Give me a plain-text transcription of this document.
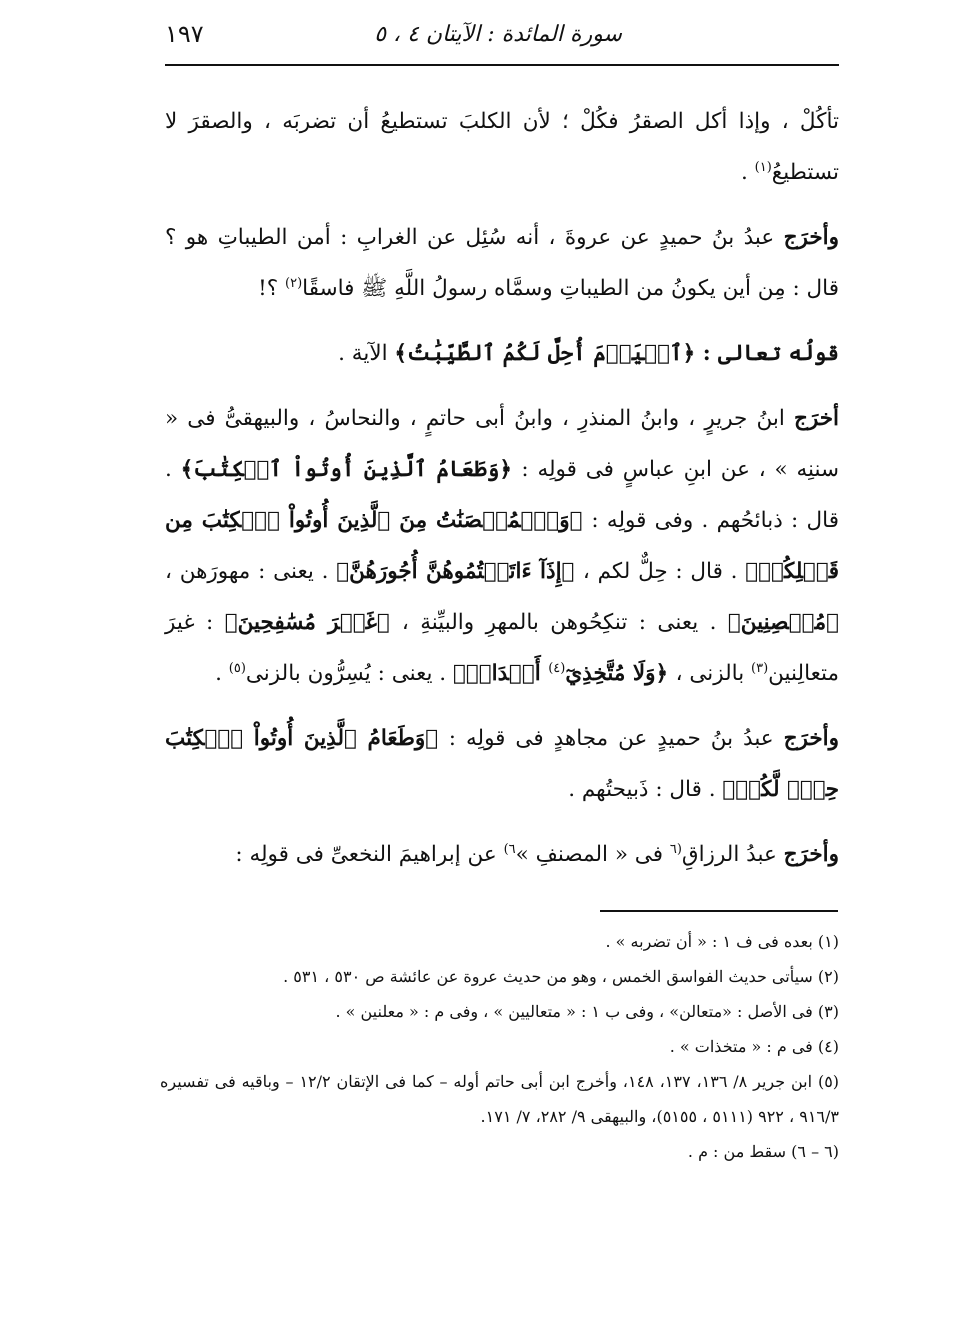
١٩٧	سورة المائدة : الآيتان ٤ ، ٥

تأكُلْ ، وإذا أكل الصقرُ فكُلْ ؛ لأن الكلبَ تستطيعُ أن تضربَه ، والصقرَ لا تستطيعُ$^{(١)}$ .

وأخرَج عبدُ بنُ حميدٍ عن عروةَ ، أنه سُئِل عن الغرابِ : أمن الطيباتِ هو ؟ قال : مِن أين يكونُ من الطيباتِ وسمَّاه رسولُ اللَّهِ ﷺ فاسقًا$^{(٢)}$ ؟!

قولُه تعالى : ﴿ٱلۡيَوۡمَ أُحِلَّ لَكُمُ ٱلطَّيِّبَٰتُ﴾ الآية .

أخرَج ابنُ جريرٍ ، وابنُ المنذرِ ، وابنُ أبى حاتمٍ ، والنحاسُ ، والبيهقىُّ فى « سننِه » ، عن ابنِ عباسٍ فى قولِه : ﴿وَطَعَامُ ٱلَّذِينَ أُوتُواْ ٱلۡكِتَٰبَ﴾ . قال : ذبائحُهم . وفى قولِه : ﴿وَٱلۡمُحۡصَنَٰتُ مِنَ ٱلَّذِينَ أُوتُواْ ٱلۡكِتَٰبَ مِن قَبۡلِكُمۡ﴾ . قال : حِلٌّ لكم ، ﴿إِذَآ ءَاتَيۡتُمُوهُنَّ أُجُورَهُنَّ﴾ . يعنى : مهورَهن ، ﴿مُحۡصِنِينَ﴾ . يعنى : تنكِحُوهن بالمهرِ والبيِّنةِ ، ﴿غَيۡرَ مُسَٰفِحِينَ﴾ : غيرَ متعالِنين$^{(٣)}$ بالزنى ، ﴿وَلَا مُتَّخِذِيٓ$^{(٤)}$ أَخۡدَانٖ﴾ . يعنى : يُسِرُّون بالزنى$^{(٥)}$ .

وأخرَج عبدُ بنُ حميدٍ عن مجاهدٍ فى قولِه : ﴿وَطَعَامُ ٱلَّذِينَ أُوتُواْ ٱلۡكِتَٰبَ حِلّٞ لَّكُمۡ﴾ . قال : ذَبيحتُهم .

وأخرَج عبدُ الرزاقِ$^{(٦}$ فى « المصنفِ »$^{٦)}$ عن إبراهيمَ النخعىِّ فى قولِه :

(١) بعده فى ف ١ : « أن تضربه » .

(٢) سيأتى حديث الفواسق الخمس ، وهو من حديث عروة عن عائشة ص ٥٣٠ ، ٥٣١ .

(٣) فى الأصل : «متعالن» ، وفى ب ١ : « متعاليين » ، وفى م : « معلنين » .

(٤) فى م : « متخذات » .

(٥) ابن جرير ٨/ ١٣٦، ١٣٧، ١٤٨، وأخرج ابن أبى حاتم أوله – كما فى الإتقان ١٢/٢ – وباقيه فى تفسيره ٩١٦/٣ ، ٩٢٢ (٥١١١ ، ٥١٥٥)، والبيهقى ٩/ ٢٨٢، ٧/ ١٧١.

(٦ – ٦) سقط من : م .
